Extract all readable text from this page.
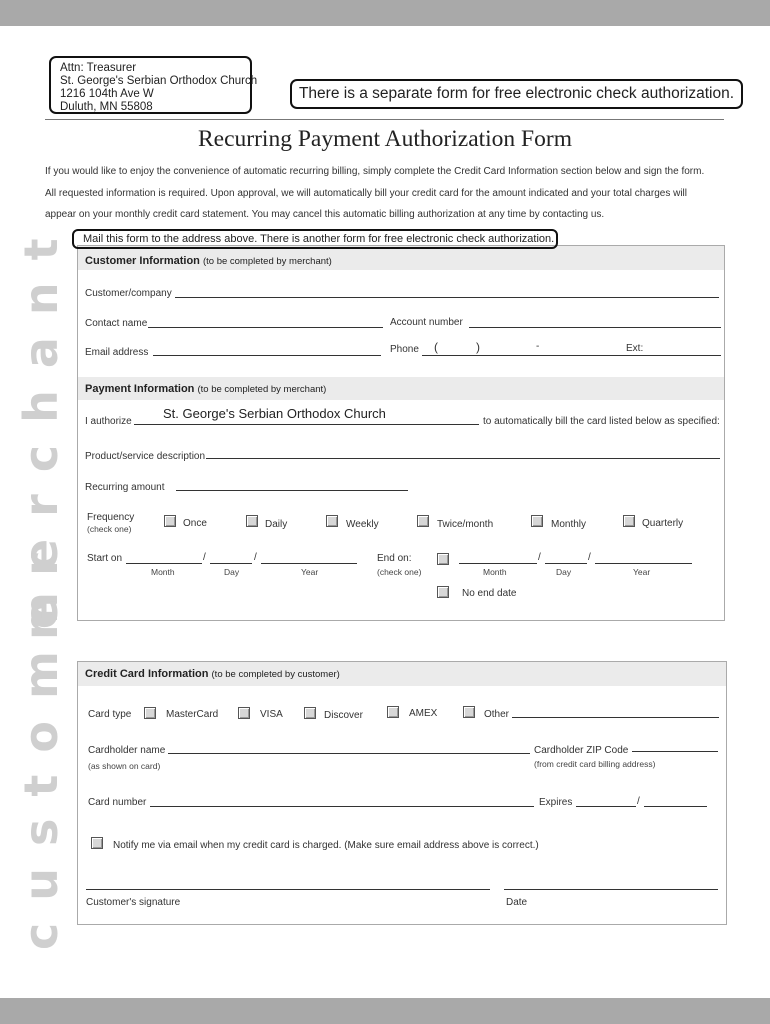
Attn: Treasurer
St. George's Serbian Orthodox Church
1216 104th Ave W
Duluth, MN 55808
There is a separate form for free electronic check authorization.
Recurring Payment Authorization Form
If you would like to enjoy the convenience of automatic recurring billing, simply complete the Credit Card Information section below and sign the form.
All requested information is required. Upon approval, we will automatically bill your credit card for the amount indicated and your total charges will
appear on your monthly credit card statement. You may cancel this automatic billing authorization at any time by contacting us.
merchant
customer
Mail this form to the address above. There is another form for free electronic check authorization.
Customer Information (to be completed by merchant)
Customer/company
Contact name	Account number
Email address	Phone (	)	-	Ext:
Payment Information (to be completed by merchant)
I authorize
St. George's Serbian Orthodox Church
to automatically bill the card listed below as specified:
Product/service description
Recurring amount
Frequency
(check one)	Once	Daily	Weekly	Twice/month	Monthly	Quarterly
Start on	/	/
Month	Day	Year
End on:
(check one)
/	/
Month	Day	Year
No end date
Credit Card Information (to be completed by customer)
Card type	MasterCard	VISA	Discover	AMEX	Other
Cardholder name
(as shown on card)
Cardholder ZIP Code
(from credit card billing address)
Card number	Expires	/
Notify me via email when my credit card is charged. (Make sure email address above is correct.)
Customer's signature	Date
